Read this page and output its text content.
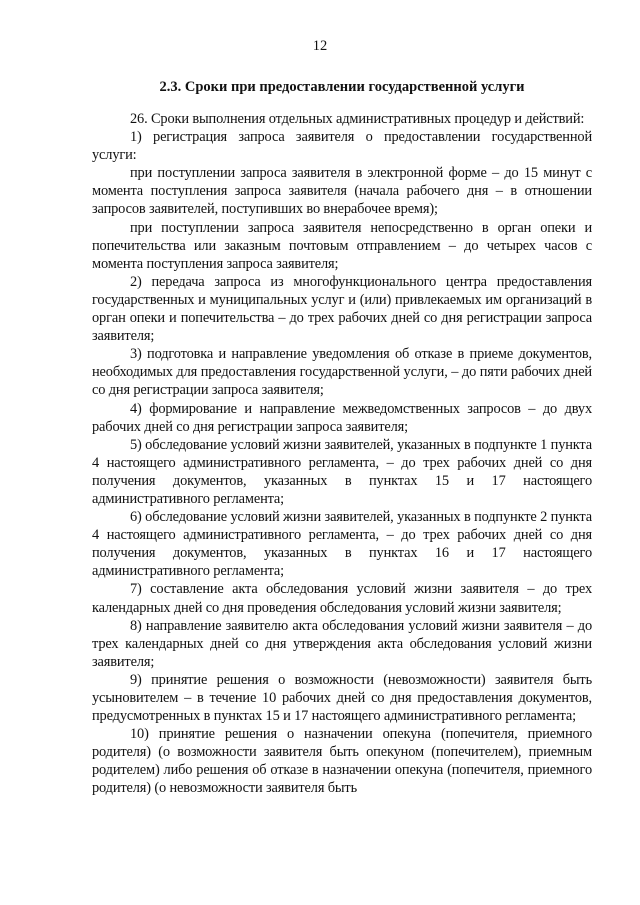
12
2.3. Сроки при предоставлении государственной услуги

26. Сроки выполнения отдельных административных процедур и действий:

1) регистрация запроса заявителя о предоставлении государственной услуги:

при поступлении запроса заявителя в электронной форме – до 15 минут с момента поступления запроса заявителя (начала рабочего дня – в отношении запросов заявителей, поступивших во внерабочее время);

при поступлении запроса заявителя непосредственно в орган опеки и попечительства или заказным почтовым отправлением – до четырех часов с момента поступления запроса заявителя;

2) передача запроса из многофункционального центра предоставления государственных и муниципальных услуг и (или) привлекаемых им организаций в орган опеки и попечительства – до трех рабочих дней со дня регистрации запроса заявителя;

3) подготовка и направление уведомления об отказе в приеме документов, необходимых для предоставления государственной услуги, – до пяти рабочих дней со дня регистрации запроса заявителя;

4) формирование и направление межведомственных запросов – до двух рабочих дней со дня регистрации запроса заявителя;

5) обследование условий жизни заявителей, указанных в подпункте 1 пункта 4 настоящего административного регламента, – до трех рабочих дней со дня получения документов, указанных в пунктах 15 и 17 настоящего административного регламента;

6) обследование условий жизни заявителей, указанных в подпункте 2 пункта 4 настоящего административного регламента, – до трех рабочих дней со дня получения документов, указанных в пунктах 16 и 17 настоящего административного регламента;

7) составление акта обследования условий жизни заявителя – до трех календарных дней со дня проведения обследования условий жизни заявителя;

8) направление заявителю акта обследования условий жизни заявителя – до трех календарных дней со дня утверждения акта обследования условий жизни заявителя;

9) принятие решения о возможности (невозможности) заявителя быть усыновителем – в течение 10 рабочих дней со дня предоставления документов, предусмотренных в пунктах 15 и 17 настоящего административного регламента;

10) принятие решения о назначении опекуна (попечителя, приемного родителя) (о возможности заявителя быть опекуном (попечителем), приемным родителем) либо решения об отказе в назначении опекуна (попечителя, приемного родителя) (о невозможности заявителя быть
